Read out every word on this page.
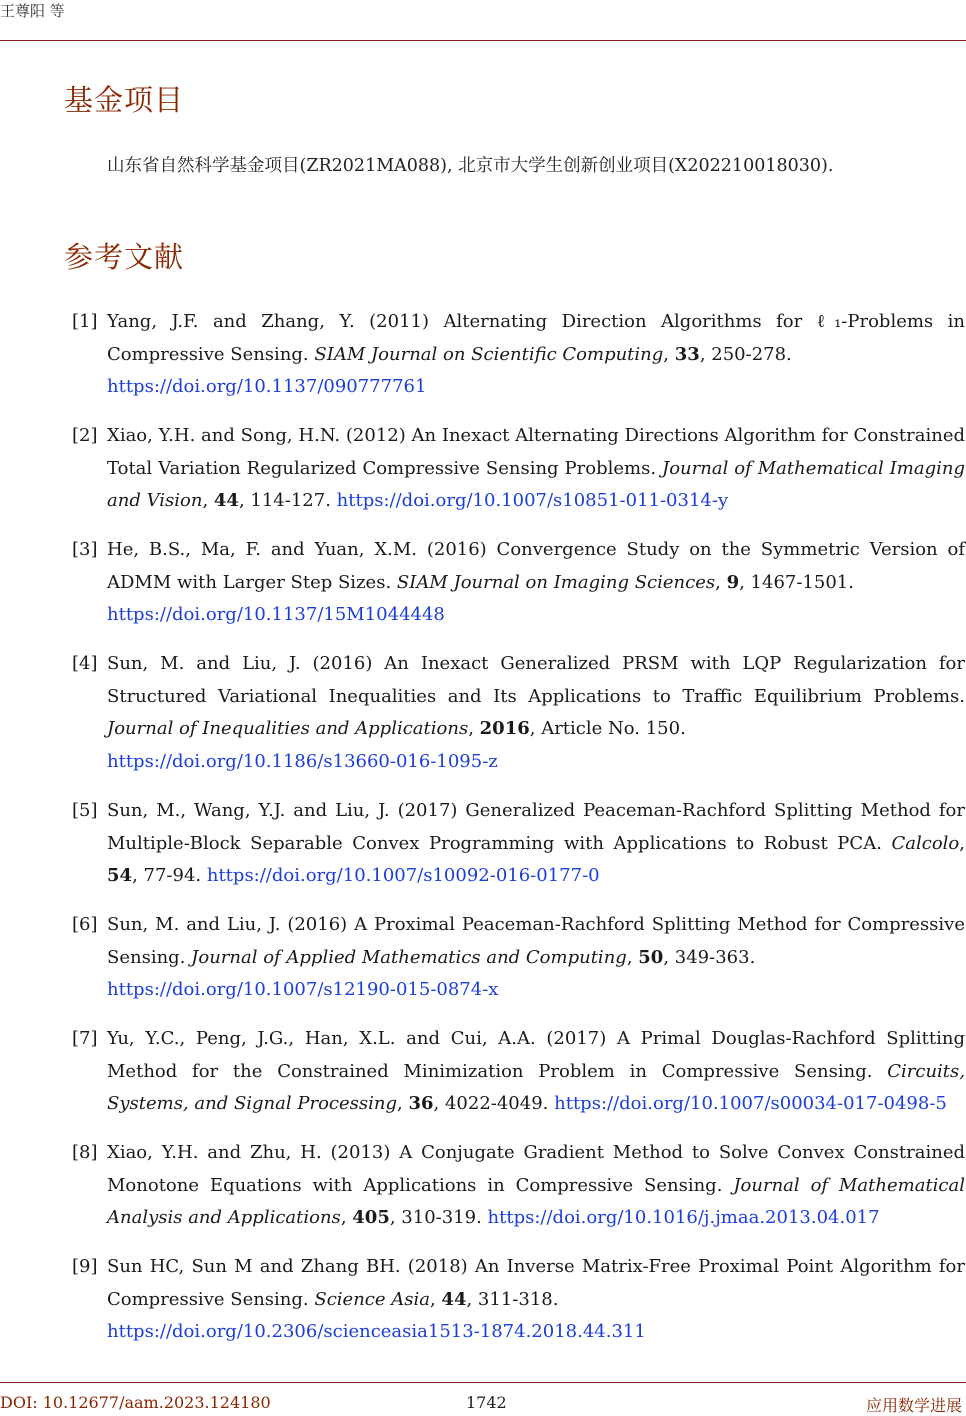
王尊阳 等
基金项目
山东省自然科学基金项目(ZR2021MA088), 北京市大学生创新创业项目(X202210018030).
参考文献
[1] Yang, J.F. and Zhang, Y. (2011) Alternating Direction Algorithms for ℓ₁-Problems in Compressive Sensing. SIAM Journal on Scientific Computing, 33, 250-278.
https://doi.org/10.1137/090777761
[2] Xiao, Y.H. and Song, H.N. (2012) An Inexact Alternating Directions Algorithm for Constrained Total Variation Regularized Compressive Sensing Problems. Journal of Mathematical Imaging and Vision, 44, 114-127. https://doi.org/10.1007/s10851-011-0314-y
[3] He, B.S., Ma, F. and Yuan, X.M. (2016) Convergence Study on the Symmetric Version of ADMM with Larger Step Sizes. SIAM Journal on Imaging Sciences, 9, 1467-1501.
https://doi.org/10.1137/15M1044448
[4] Sun, M. and Liu, J. (2016) An Inexact Generalized PRSM with LQP Regularization for Structured Variational Inequalities and Its Applications to Traffic Equilibrium Problems. Journal of Inequalities and Applications, 2016, Article No. 150.
https://doi.org/10.1186/s13660-016-1095-z
[5] Sun, M., Wang, Y.J. and Liu, J. (2017) Generalized Peaceman-Rachford Splitting Method for Multiple-Block Separable Convex Programming with Applications to Robust PCA. Calcolo, 54, 77-94. https://doi.org/10.1007/s10092-016-0177-0
[6] Sun, M. and Liu, J. (2016) A Proximal Peaceman-Rachford Splitting Method for Compressive Sensing. Journal of Applied Mathematics and Computing, 50, 349-363.
https://doi.org/10.1007/s12190-015-0874-x
[7] Yu, Y.C., Peng, J.G., Han, X.L. and Cui, A.A. (2017) A Primal Douglas-Rachford Splitting Method for the Constrained Minimization Problem in Compressive Sensing. Circuits, Systems, and Signal Processing, 36, 4022-4049. https://doi.org/10.1007/s00034-017-0498-5
[8] Xiao, Y.H. and Zhu, H. (2013) A Conjugate Gradient Method to Solve Convex Constrained Monotone Equations with Applications in Compressive Sensing. Journal of Mathematical Analysis and Applications, 405, 310-319. https://doi.org/10.1016/j.jmaa.2013.04.017
[9] Sun HC, Sun M and Zhang BH. (2018) An Inverse Matrix-Free Proximal Point Algorithm for Compressive Sensing. Science Asia, 44, 311-318.
https://doi.org/10.2306/scienceasia1513-1874.2018.44.311
DOI: 10.12677/aam.2023.124180	1742	应用数学进展
